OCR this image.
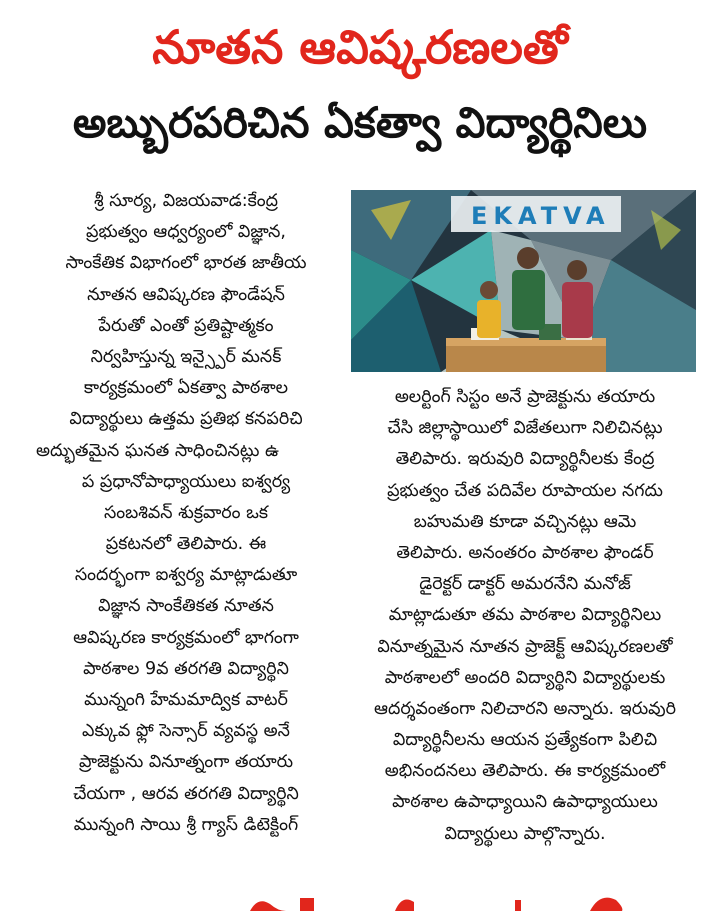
నూతన ఆవిష్కరణలతో
అబ్బురపరిచిన ఏకత్వా విద్యార్థినిలు
శ్రీ సూర్య, విజయవాడ:కేంద్ర
ప్రభుత్వం ఆధ్వర్యంలో విజ్ఞాన,
సాంకేతిక విభాగంలో భారత జాతీయ
నూతన ఆవిష్కరణ ఫౌండేషన్
పేరుతో ఎంతో ప్రతిష్టాత్మకం
నిర్వహిస్తున్న ఇన్స్పైర్ మనక్
కార్యక్రమంలో ఏకత్వా పాఠశాల
విద్యార్థులు ఉత్తమ ప్రతిభ కనపరిచి
అద్భుతమైన ఘనత సాధించినట్లు ఉ
ప ప్రధానోపాధ్యాయులు ఐశ్వర్య
సంబశివన్ శుక్రవారం ఒక
ప్రకటనలో తెలిపారు. ఈ
సందర్భంగా ఐశ్వర్య మాట్లాడుతూ
విజ్ఞాన సాంకేతికత నూతన
ఆవిష్కరణ కార్యక్రమంలో భాగంగా
పాఠశాల 9వ తరగతి విద్యార్థిని
మున్నంగి హేమమాద్విక వాటర్
ఎక్కువ ఫ్లో సెన్సార్ వ్యవస్థ అనే
ప్రాజెక్టును వినూత్నంగా తయారు
చేయగా , ఆరవ తరగతి విద్యార్థిని
మున్నంగి సాయి శ్రీ గ్యాస్ డిటెక్టింగ్
EKATVA
అలర్టింగ్ సిస్టం అనే ప్రాజెక్టును తయారు
చేసి జిల్లాస్థాయిలో విజేతలుగా నిలిచినట్లు
తెలిపారు. ఇరువురి విద్యార్థినీలకు కేంద్ర
ప్రభుత్వం చేత పదివేల రూపాయల నగదు
బహుమతి కూడా వచ్చినట్లు ఆమె
తెలిపారు. అనంతరం పాఠశాల ఫౌండర్
డైరెక్టర్ డాక్టర్ అమరనేని మనోజ్
మాట్లాడుతూ తమ పాఠశాల విద్యార్థినిలు
వినూత్నమైన నూతన ప్రాజెక్ట్ ఆవిష్కరణలతో
పాఠశాలలో అందరి విద్యార్థిని విద్యార్థులకు
ఆదర్శవంతంగా నిలిచారని అన్నారు. ఇరువురి
విద్యార్థినీలను ఆయన ప్రత్యేకంగా పిలిచి
అభినందనలు తెలిపారు. ఈ కార్యక్రమంలో
పాఠశాల ఉపాధ్యాయిని ఉపాధ్యాయులు
విద్యార్థులు పాల్గొన్నారు.
